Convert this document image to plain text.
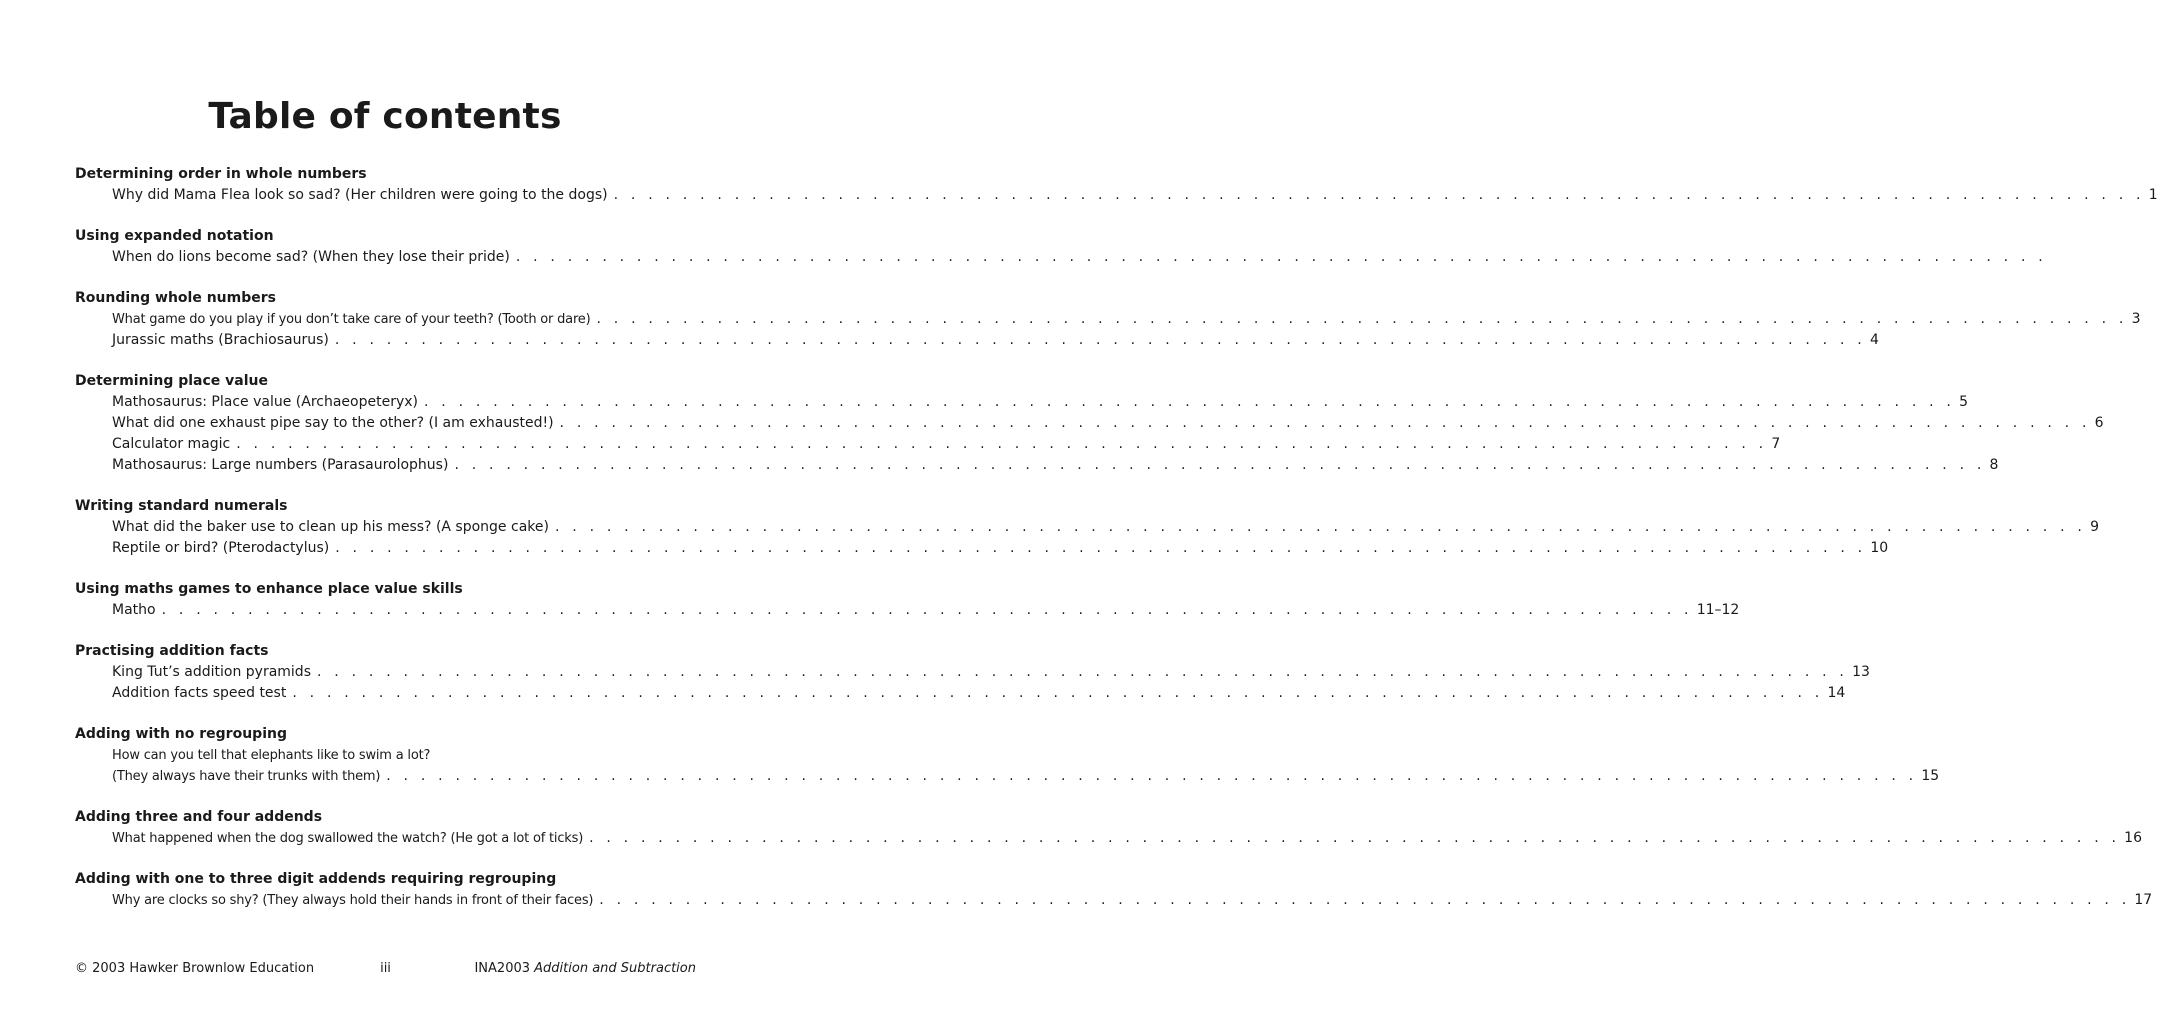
Table of contents
Determining order in whole numbers
Why did Mama Flea look so sad? (Her children were going to the dogs) . . . . . . . . . . . . . . . . . . . . . . . . . . . . . . . . . . . . . . . . . . . . . . . . . . . . . . . . . . . . . . . . . . . . . . . . . . . . . . . . . . . . . . . . . 1
Using expanded notation
When do lions become sad? (When they lose their pride) . . . . . . . . . . . . . . . . . . . . . . . . . . . . . . . . . . . . . . . . . . . . . . . . . . . . . . . . . . . . . . . . . . . . . . . . . . . . . . . . . . . . . . . . .
Rounding whole numbers
What game do you play if you don’t take care of your teeth? (Tooth or dare) . . . . . . . . . . . . . . . . . . . . . . . . . . . . . . . . . . . . . . . . . . . . . . . . . . . . . . . . . . . . . . . . . . . . . . . . . . . . . . . . . . . . . . . . . 3
Jurassic maths (Brachiosaurus) . . . . . . . . . . . . . . . . . . . . . . . . . . . . . . . . . . . . . . . . . . . . . . . . . . . . . . . . . . . . . . . . . . . . . . . . . . . . . . . . . . . . . . . . . 4
Determining place value
Mathosaurus: Place value (Archaeopeteryx) . . . . . . . . . . . . . . . . . . . . . . . . . . . . . . . . . . . . . . . . . . . . . . . . . . . . . . . . . . . . . . . . . . . . . . . . . . . . . . . . . . . . . . . . . 5
What did one exhaust pipe say to the other? (I am exhausted!) . . . . . . . . . . . . . . . . . . . . . . . . . . . . . . . . . . . . . . . . . . . . . . . . . . . . . . . . . . . . . . . . . . . . . . . . . . . . . . . . . . . . . . . . . 6
Calculator magic . . . . . . . . . . . . . . . . . . . . . . . . . . . . . . . . . . . . . . . . . . . . . . . . . . . . . . . . . . . . . . . . . . . . . . . . . . . . . . . . . . . . . . . . . 7
Mathosaurus: Large numbers (Parasaurolophus) . . . . . . . . . . . . . . . . . . . . . . . . . . . . . . . . . . . . . . . . . . . . . . . . . . . . . . . . . . . . . . . . . . . . . . . . . . . . . . . . . . . . . . . . . 8
Writing standard numerals
What did the baker use to clean up his mess? (A sponge cake) . . . . . . . . . . . . . . . . . . . . . . . . . . . . . . . . . . . . . . . . . . . . . . . . . . . . . . . . . . . . . . . . . . . . . . . . . . . . . . . . . . . . . . . . . 9
Reptile or bird? (Pterodactylus) . . . . . . . . . . . . . . . . . . . . . . . . . . . . . . . . . . . . . . . . . . . . . . . . . . . . . . . . . . . . . . . . . . . . . . . . . . . . . . . . . . . . . . . . . 10
Using maths games to enhance place value skills
Matho . . . . . . . . . . . . . . . . . . . . . . . . . . . . . . . . . . . . . . . . . . . . . . . . . . . . . . . . . . . . . . . . . . . . . . . . . . . . . . . . . . . . . . . . . 11–12
Practising addition facts
King Tut’s addition pyramids . . . . . . . . . . . . . . . . . . . . . . . . . . . . . . . . . . . . . . . . . . . . . . . . . . . . . . . . . . . . . . . . . . . . . . . . . . . . . . . . . . . . . . . . . 13
Addition facts speed test . . . . . . . . . . . . . . . . . . . . . . . . . . . . . . . . . . . . . . . . . . . . . . . . . . . . . . . . . . . . . . . . . . . . . . . . . . . . . . . . . . . . . . . . . 14
Adding with no regrouping
How can you tell that elephants like to swim a lot?
(They always have their trunks with them) . . . . . . . . . . . . . . . . . . . . . . . . . . . . . . . . . . . . . . . . . . . . . . . . . . . . . . . . . . . . . . . . . . . . . . . . . . . . . . . . . . . . . . . . . 15
Adding three and four addends
What happened when the dog swallowed the watch? (He got a lot of ticks) . . . . . . . . . . . . . . . . . . . . . . . . . . . . . . . . . . . . . . . . . . . . . . . . . . . . . . . . . . . . . . . . . . . . . . . . . . . . . . . . . . . . . . . . . 16
Adding with one to three digit addends requiring regrouping
Why are clocks so shy? (They always hold their hands in front of their faces) . . . . . . . . . . . . . . . . . . . . . . . . . . . . . . . . . . . . . . . . . . . . . . . . . . . . . . . . . . . . . . . . . . . . . . . . . . . . . . . . . . . . . . . . . 17
© 2003 Hawker Brownlow Education	iii	INA2003 Addition and Subtraction
